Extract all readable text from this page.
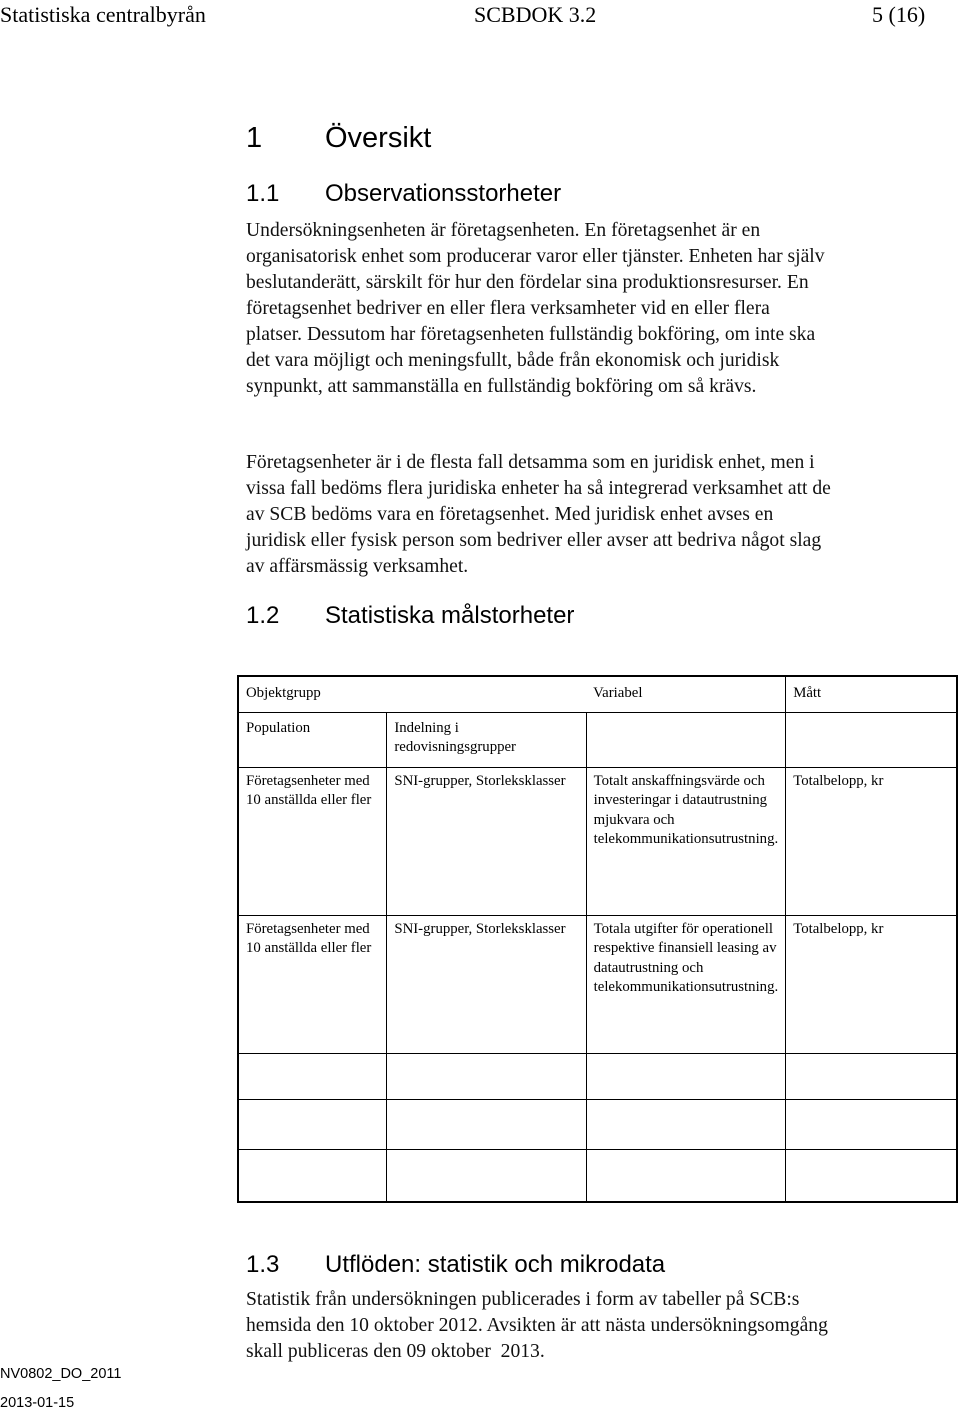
Statistiska centralbyrån	SCBDOK 3.2	5 (16)
1 Översikt
1.1 Observationsstorheter
Undersökningsenheten är företagsenheten. En företagsenhet är en
organisatorisk enhet som producerar varor eller tjänster. Enheten har själv
beslutanderätt, särskilt för hur den fördelar sina produktionsresurser. En
företagsenhet bedriver en eller flera verksamheter vid en eller flera
platser. Dessutom har företagsenheten fullständig bokföring, om inte ska
det vara möjligt och meningsfullt, både från ekonomisk och juridisk
synpunkt, att sammanställa en fullständig bokföring om så krävs.
Företagsenheter är i de flesta fall detsamma som en juridisk enhet, men i
vissa fall bedöms flera juridiska enheter ha så integrerad verksamhet att de
av SCB bedöms vara en företagsenhet. Med juridisk enhet avses en
juridisk eller fysisk person som bedriver eller avser att bedriva något slag
av affärsmässig verksamhet.
1.2 Statistiska målstorheter
Objektgrupp		Variabel	Mått
Population	Indelning i redovisningsgrupper		
Företagsenheter med 10 anställda eller fler	SNI-grupper, Storleksklasser	Totalt anskaffningsvärde och investeringar i datautrustning mjukvara och telekommunikationsutrustning.	Totalbelopp, kr
Företagsenheter med 10 anställda eller fler	SNI-grupper, Storleksklasser	Totala utgifter för operationell respektive finansiell leasing av datautrustning och telekommunikationsutrustning.	Totalbelopp, kr

1.3 Utflöden: statistik och mikrodata
Statistik från undersökningen publicerades i form av tabeller på SCB:s
hemsida den 10 oktober 2012. Avsikten är att nästa undersökningsomgång
skall publiceras den 09 oktober  2013.
NV0802_DO_2011
2013-01-15
